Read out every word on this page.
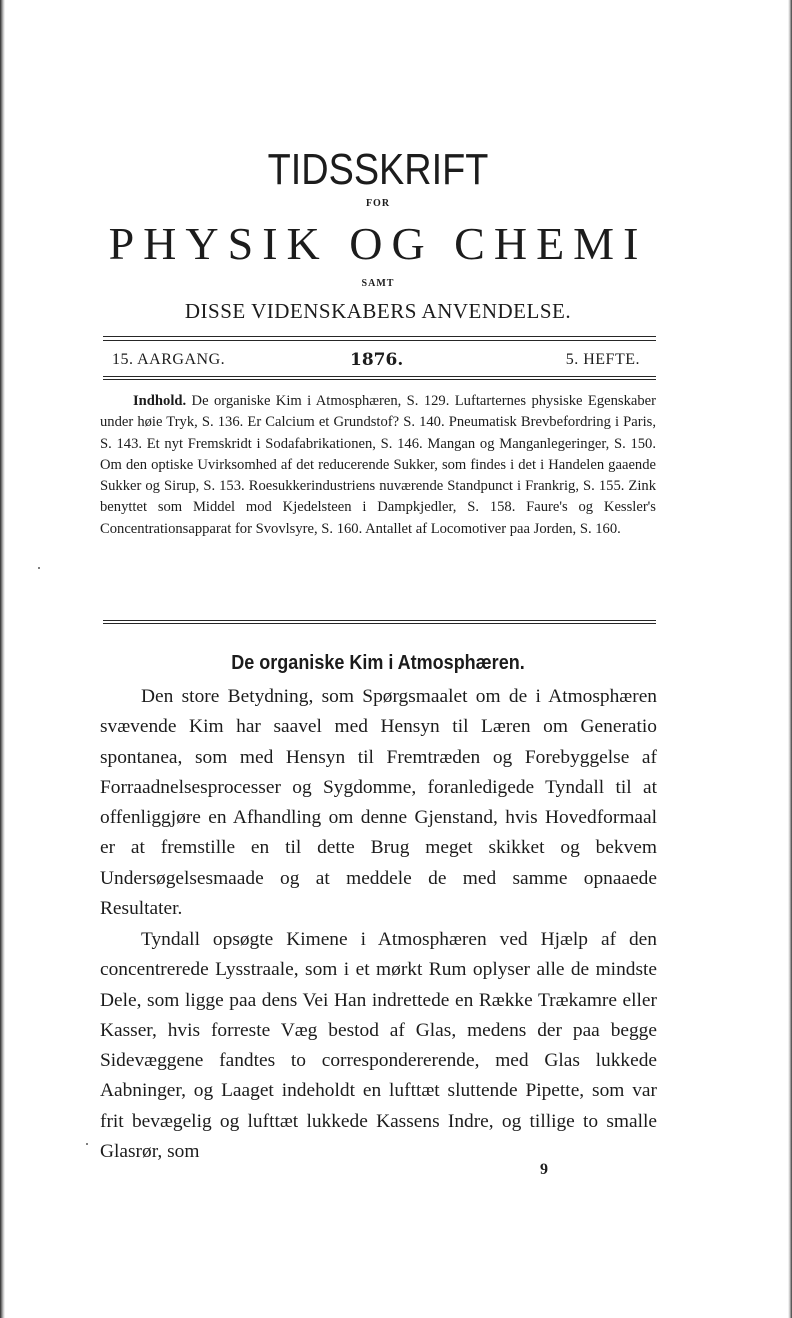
TIDSSKRIFT

FOR

PHYSIK OG CHEMI

SAMT

DISSE VIDENSKABERS ANVENDELSE.

15. AARGANG.	1876.	5. HEFTE.

Indhold. De organiske Kim i Atmosphæren, S. 129. Luftarternes physiske Egenskaber under høie Tryk, S. 136. Er Calcium et Grundstof? S. 140. Pneumatisk Brevbefordring i Paris, S. 143. Et nyt Fremskridt i Sodafabrikationen, S. 146. Mangan og Manganlegeringer, S. 150. Om den optiske Uvirksomhed af det reducerende Sukker, som findes i det i Handelen gaaende Sukker og Sirup, S. 153. Roesukkerindustriens nuværende Standpunct i Frankrig, S. 155. Zink benyttet som Middel mod Kjedelsteen i Dampkjedler, S. 158. Faure's og Kessler's Concentrationsapparat for Svovlsyre, S. 160. Antallet af Locomotiver paa Jorden, S. 160.

De organiske Kim i Atmosphæren.

Den store Betydning, som Spørgsmaalet om de i Atmosphæren svævende Kim har saavel med Hensyn til Læren om Generatio spontanea, som med Hensyn til Fremtræden og Forebyggelse af Forraadnelsesprocesser og Sygdomme, foranledigede Tyndall til at offenliggjøre en Afhandling om denne Gjenstand, hvis Hovedformaal er at fremstille en til dette Brug meget skikket og bekvem Undersøgelsesmaade og at meddele de med samme opnaaede Resultater.

Tyndall opsøgte Kimene i Atmosphæren ved Hjælp af den concentrerede Lysstraale, som i et mørkt Rum oplyser alle de mindste Dele, som ligge paa dens Vei Han indrettede en Række Trækamre eller Kasser, hvis forreste Væg bestod af Glas, medens der paa begge Sidevæggene fandtes to correspondererende, med Glas lukkede Aabninger, og Laaget indeholdt en lufttæt sluttende Pipette, som var frit bevægelig og lufttæt lukkede Kassens Indre, og tillige to smalle Glasrør, som

9
